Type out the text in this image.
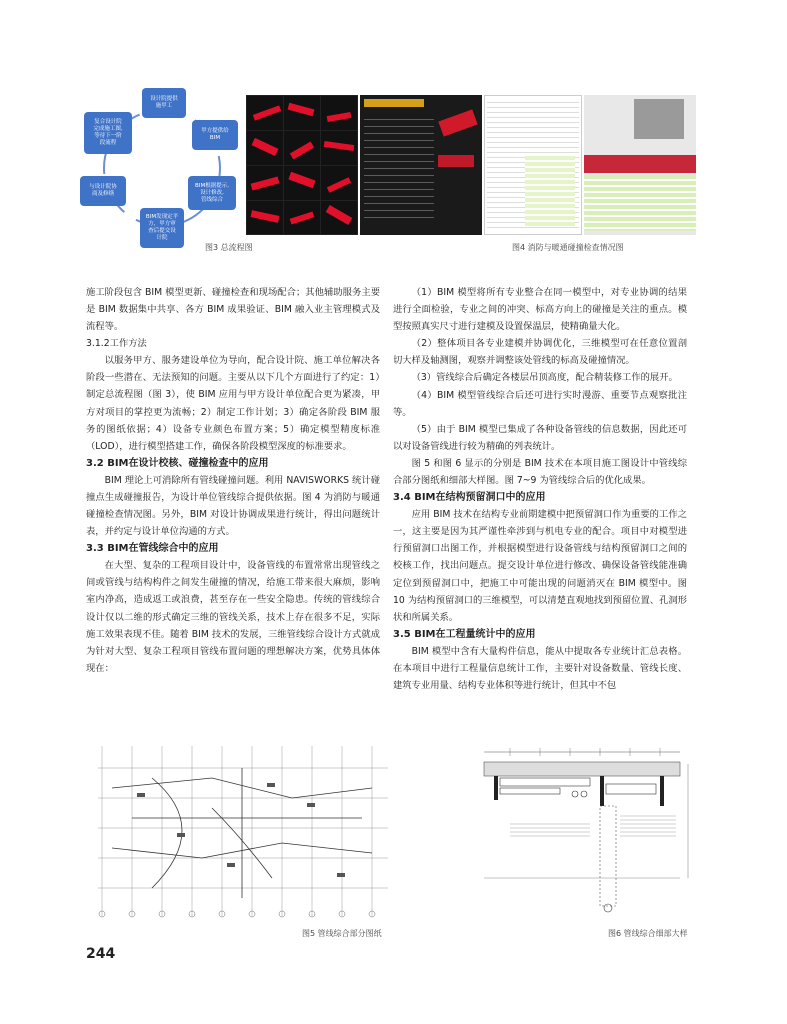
设计院提供
施甲工
甲方提供给
BIM
BIM根据提示,
设计修改,
管线综合
BIM发现定平
方，甲方审
查后提交设
计院
与设计院协
商及修缮
复合设计院
完成施工图,
等待下一阶
段流程
图3 总流程图	图4 消防与暖通碰撞检查情况图

施工阶段包含 BIM 模型更新、碰撞检查和现场配合；其他辅助服务主要是 BIM 数据集中共享、各方 BIM 成果验证、BIM 融入业主管理模式及流程等。

3.1.2工作方法

以服务甲方、服务建设单位为导向，配合设计院、施工单位解决各阶段一些潜在、无法预知的问题。主要从以下几个方面进行了约定：1）制定总流程图（图 3），使 BIM 应用与甲方设计单位配合更为紧凑，甲方对项目的掌控更为流畅；2）制定工作计划；3）确定各阶段 BIM 服务的图纸依据；4）设备专业颜色布置方案；5）确定模型精度标准（LOD），进行模型搭建工作，确保各阶段模型深度的标准要求。

3.2 BIM在设计校核、碰撞检查中的应用

BIM 理论上可消除所有管线碰撞问题。利用 NAVISWORKS 统计碰撞点生成碰撞报告，为设计单位管线综合提供依据。图 4 为消防与暖通碰撞检查情况图。另外，BIM 对设计协调成果进行统计，得出问题统计表，并约定与设计单位沟通的方式。

3.3 BIM在管线综合中的应用

在大型、复杂的工程项目设计中，设备管线的布置常常出现管线之间或管线与结构构件之间发生碰撞的情况，给施工带来很大麻烦，影响室内净高，造成返工或浪费，甚至存在一些安全隐患。传统的管线综合设计仅以二维的形式确定三维的管线关系，技术上存在很多不足，实际施工效果表现不佳。随着 BIM 技术的发展，三维管线综合设计方式就成为针对大型、复杂工程项目管线布置问题的理想解决方案，优势具体体现在：

（1）BIM 模型将所有专业整合在同一模型中，对专业协调的结果进行全面检验，专业之间的冲突、标高方向上的碰撞是关注的重点。模型按照真实尺寸进行建模及设置保温层，使精确量大化。

（2）整体项目各专业建模并协调优化，三维模型可在任意位置剖切大样及轴测图，观察并调整该处管线的标高及碰撞情况。

（3）管线综合后确定各楼层吊顶高度，配合精装修工作的展开。

（4）BIM 模型管线综合后还可进行实时漫游、重要节点观察批注等。

（5）由于 BIM 模型已集成了各种设备管线的信息数据，因此还可以对设备管线进行较为精确的列表统计。

图 5 和图 6 显示的分别是 BIM 技术在本项目施工图设计中管线综合部分图纸和细部大样图。图 7~9 为管线综合后的优化成果。

3.4 BIM在结构预留洞口中的应用

应用 BIM 技术在结构专业前期建模中把预留洞口作为重要的工作之一，这主要是因为其严谨性牵涉到与机电专业的配合。项目中对模型进行预留洞口出图工作，并根据模型进行设备管线与结构预留洞口之间的校核工作，找出问题点。提交设计单位进行修改、确保设备管线能准确定位到预留洞口中，把施工中可能出现的问题消灭在 BIM 模型中。图 10 为结构预留洞口的三维模型，可以清楚直观地找到预留位置、孔洞形状和所属关系。

3.5 BIM在工程量统计中的应用

BIM 模型中含有大量构件信息，能从中提取各专业统计汇总表格。在本项目中进行工程量信息统计工作，主要针对设备数量、管线长度、建筑专业用量、结构专业体积等进行统计，但其中不包

图5 管线综合部分图纸	图6 管线综合细部大样
244
